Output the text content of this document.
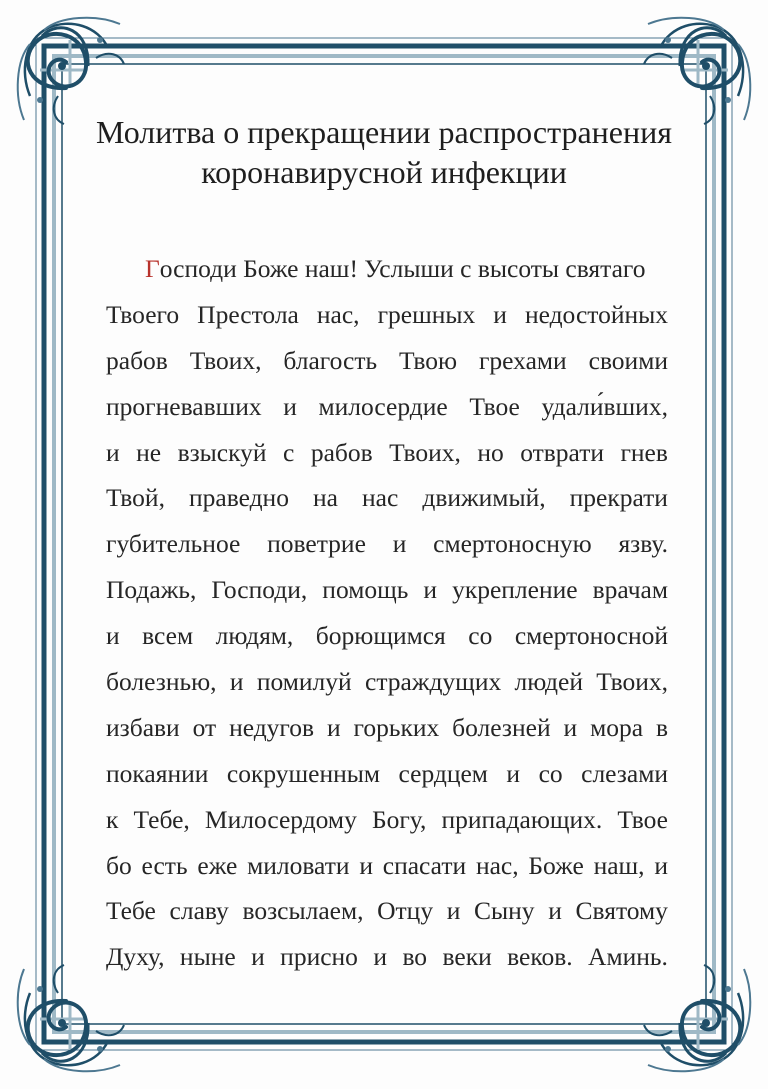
Молитва о прекращении распространения
коронавирусной инфекции
Г осподи Боже наш! Услыши с высоты святаго
Твоего Престола нас, грешных и недостойных
рабов Твоих, благость Твою грехами своими
прогневавших и милосердие Твое удали́вших,
и не взыскуй с рабов Твоих, но отврати гнев
Твой, праведно на нас движимый, прекрати
губительное поветрие и смертоносную язву.
Подажь, Господи, помощь и укрепление врачам
и всем людям, борющимся со смертоносной
болезнью, и помилуй страждущих людей Твоих,
избави от недугов и горьких болезней и мора в
покаянии сокрушенным сердцем и со слезами
к Тебе, Милосердому Богу, припадающих. Твое
бо есть еже миловати и спасати нас, Боже наш, и
Тебе славу возсылаем, Отцу и Сыну и Святому
Духу, ныне и присно и во веки веков. Аминь.
